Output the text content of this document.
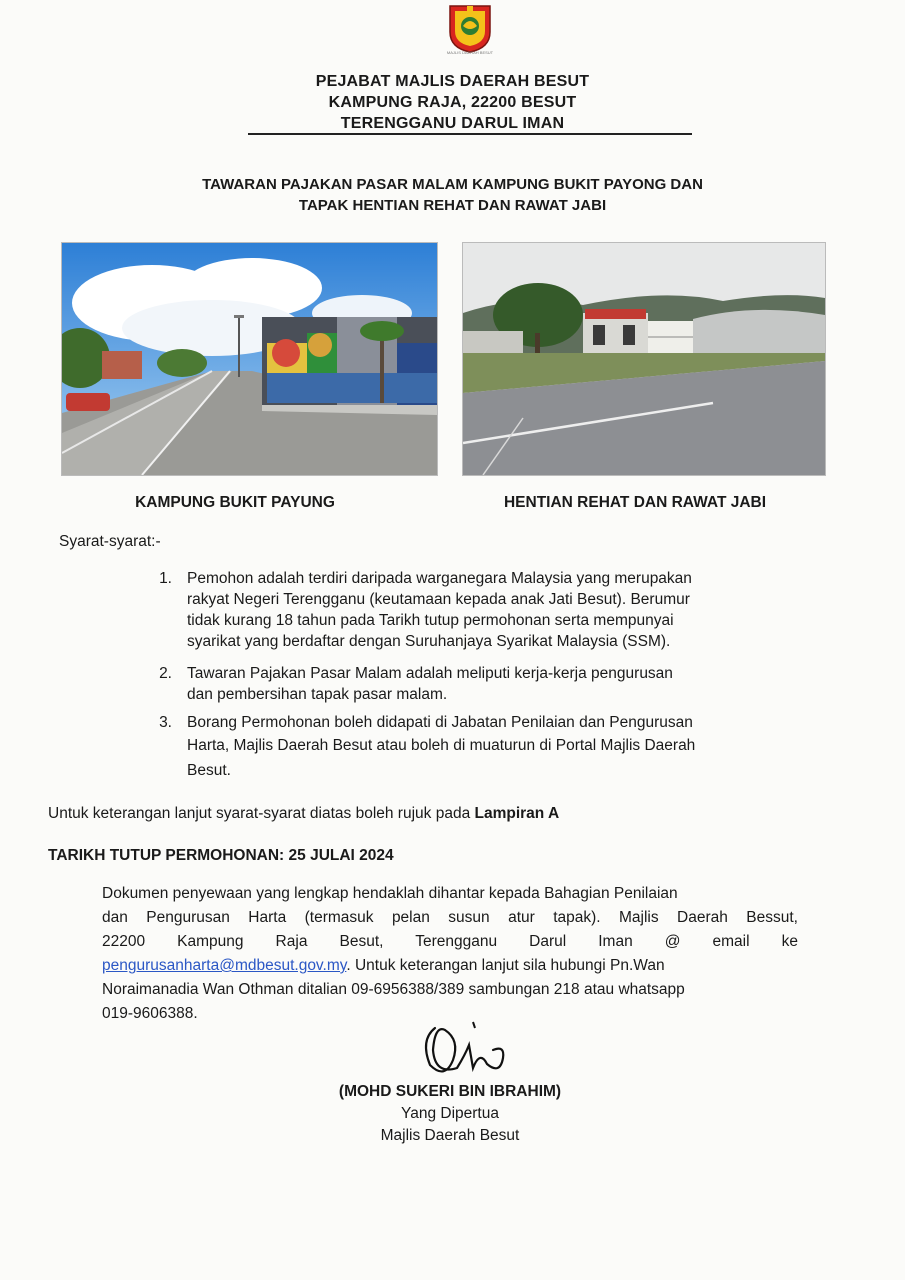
MAJLIS DAERAH BESUT
PEJABAT MAJLIS DAERAH BESUT
KAMPUNG RAJA, 22200 BESUT
TERENGGANU DARUL IMAN
TAWARAN PAJAKAN PASAR MALAM KAMPUNG BUKIT PAYONG DAN
TAPAK HENTIAN REHAT DAN RAWAT JABI
KAMPUNG BUKIT PAYUNG	HENTIAN REHAT DAN RAWAT JABI
Syarat-syarat:-
1. Pemohon adalah terdiri daripada warganegara Malaysia yang merupakan
rakyat Negeri Terengganu (keutamaan kepada anak Jati Besut). Berumur
tidak kurang 18 tahun pada Tarikh tutup permohonan serta mempunyai
syarikat yang berdaftar dengan Suruhanjaya Syarikat Malaysia (SSM).
2. Tawaran Pajakan Pasar Malam adalah meliputi kerja-kerja pengurusan
dan pembersihan tapak pasar malam.
3. Borang Permohonan boleh didapati di Jabatan Penilaian dan Pengurusan
Harta, Majlis Daerah Besut atau boleh di muaturun di Portal Majlis Daerah
Besut.
Untuk keterangan lanjut syarat-syarat diatas boleh rujuk pada Lampiran A
TARIKH TUTUP PERMOHONAN: 25 JULAI 2024
Dokumen penyewaan yang lengkap hendaklah dihantar kepada Bahagian Penilaian
dan Pengurusan Harta (termasuk pelan susun atur tapak). Majlis Daerah Bessut,
22200 Kampung Raja Besut, Terengganu Darul Iman @ email ke
pengurusanharta@mdbesut.gov.my. Untuk keterangan lanjut sila hubungi Pn.Wan
Noraimanadia Wan Othman ditalian 09-6956388/389 sambungan 218 atau whatsapp
019-9606388.
(MOHD SUKERI BIN IBRAHIM)
Yang Dipertua
Majlis Daerah Besut
